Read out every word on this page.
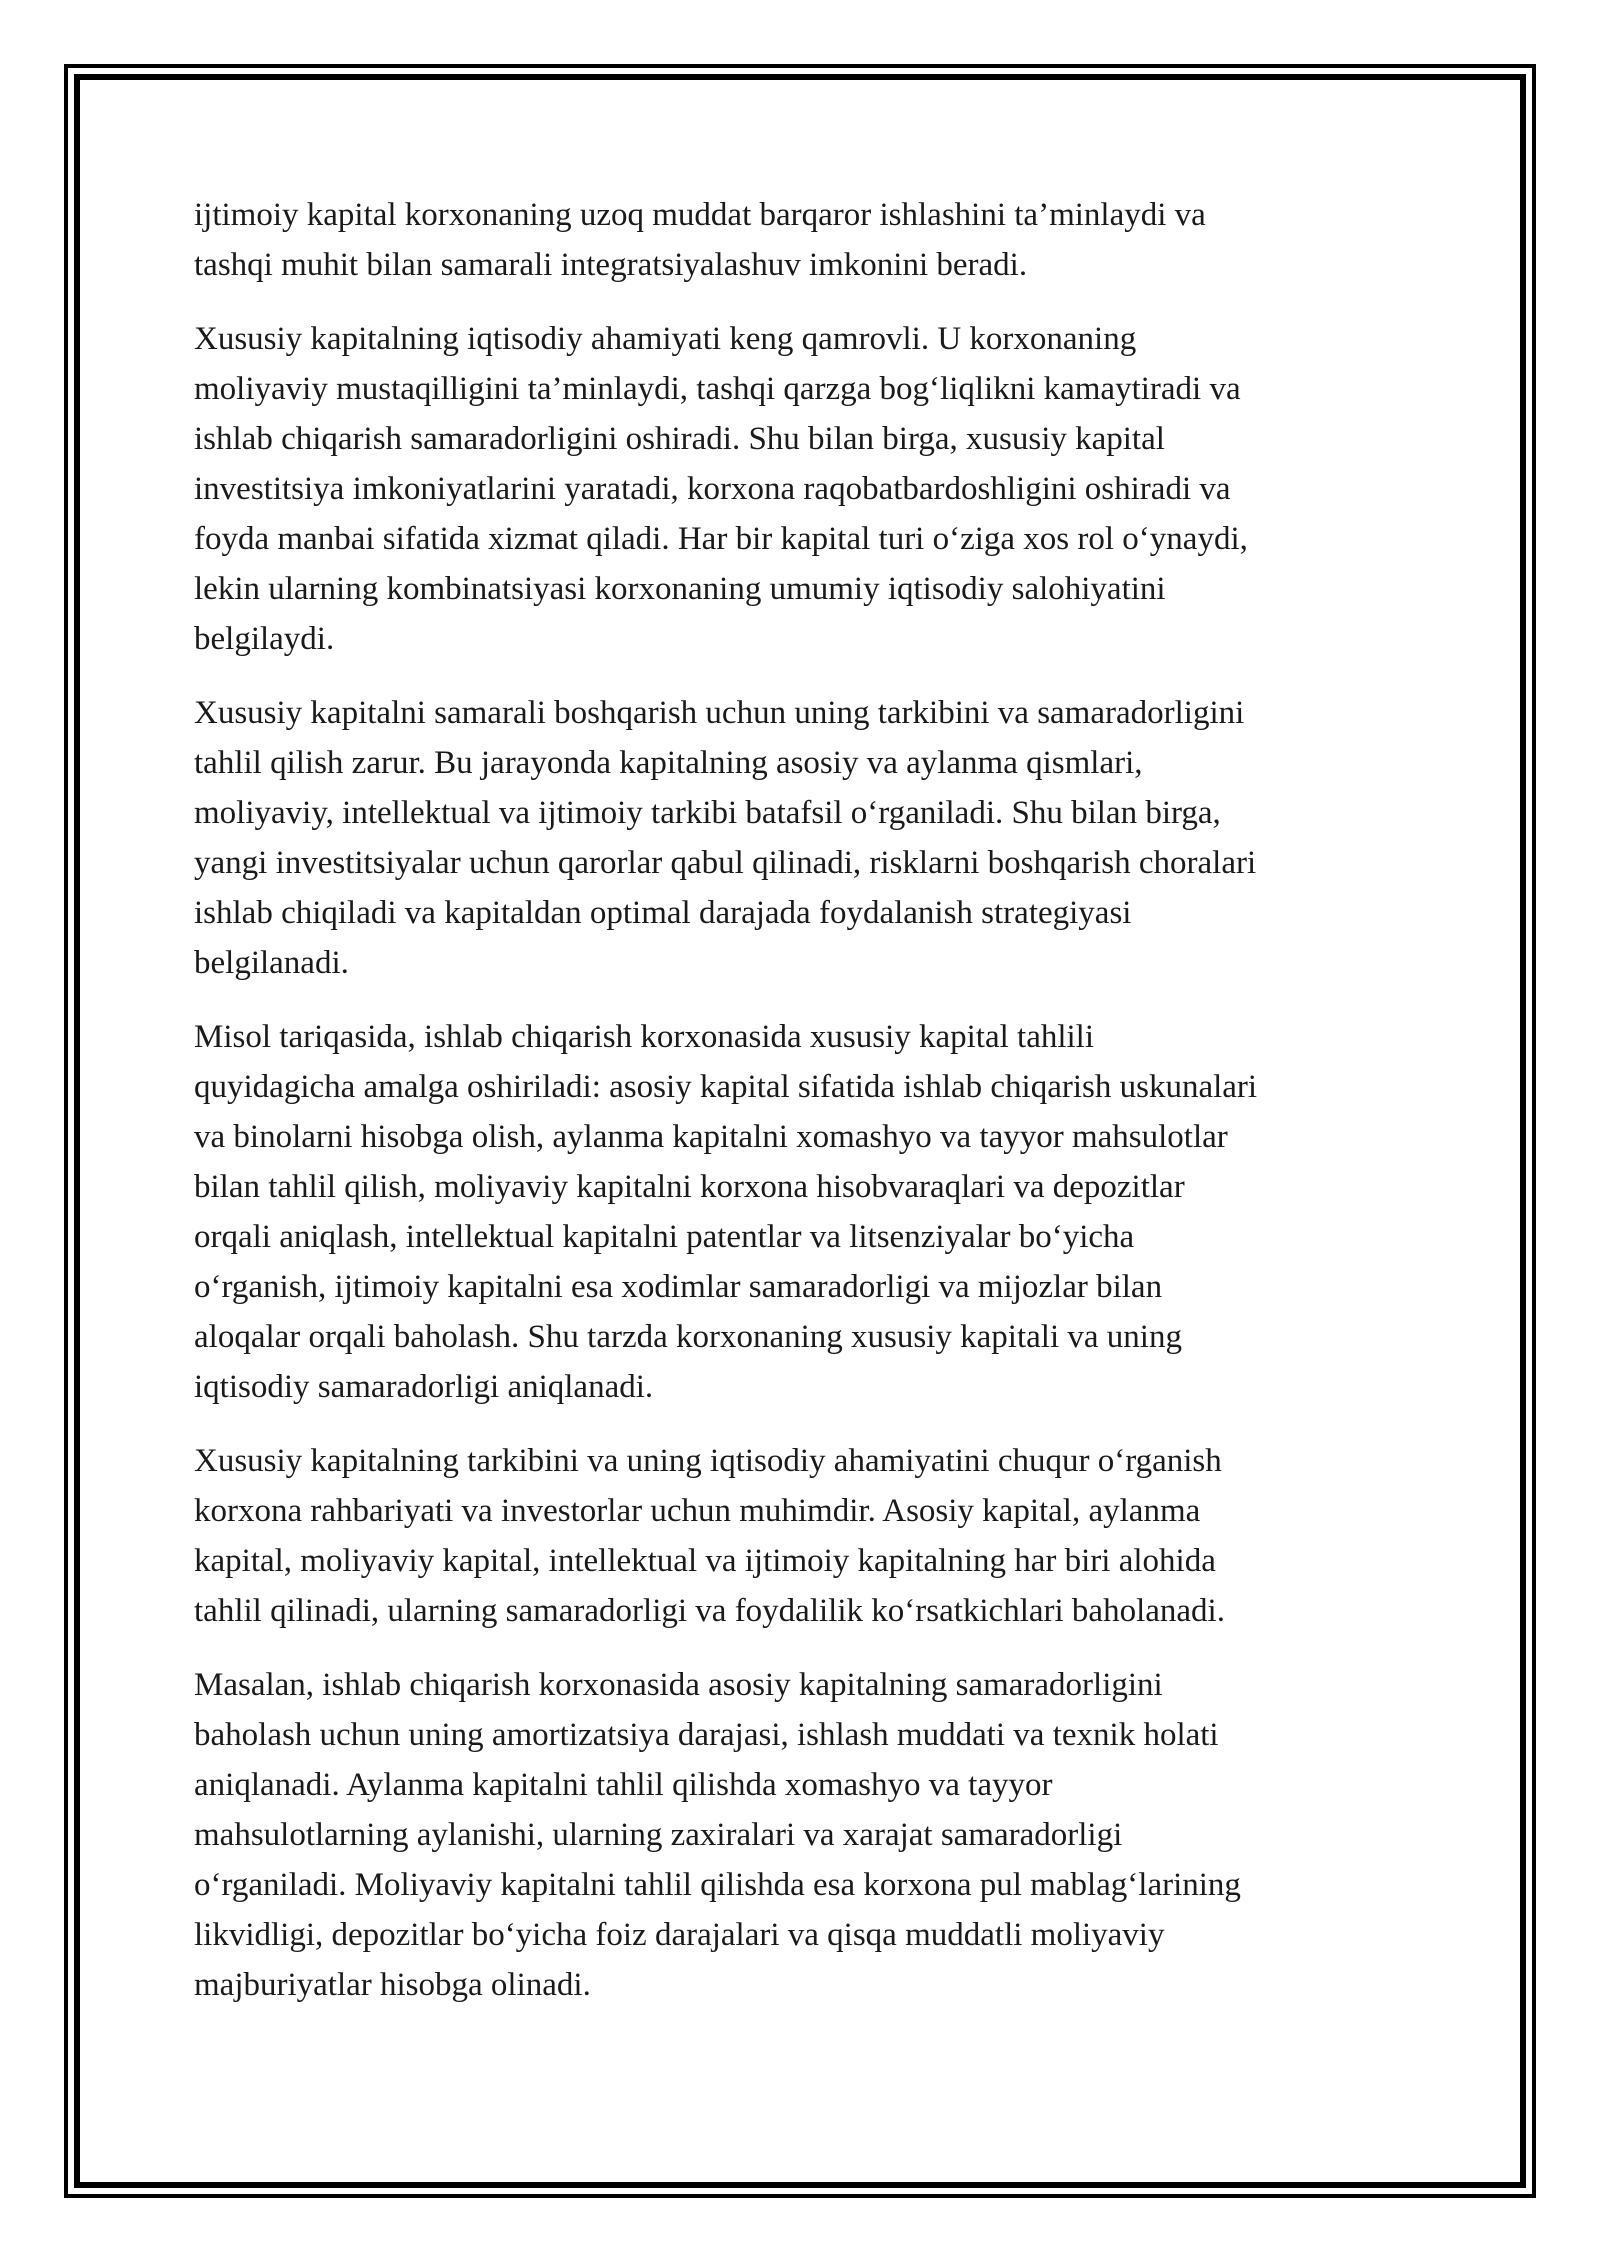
ijtimoiy kapital korxonaning uzoq muddat barqaror ishlashini ta’minlaydi va
tashqi muhit bilan samarali integratsiyalashuv imkonini beradi.

Xususiy kapitalning iqtisodiy ahamiyati keng qamrovli. U korxonaning
moliyaviy mustaqilligini ta’minlaydi, tashqi qarzga bog‘liqlikni kamaytiradi va
ishlab chiqarish samaradorligini oshiradi. Shu bilan birga, xususiy kapital
investitsiya imkoniyatlarini yaratadi, korxona raqobatbardoshligini oshiradi va
foyda manbai sifatida xizmat qiladi. Har bir kapital turi o‘ziga xos rol o‘ynaydi,
lekin ularning kombinatsiyasi korxonaning umumiy iqtisodiy salohiyatini
belgilaydi.

Xususiy kapitalni samarali boshqarish uchun uning tarkibini va samaradorligini
tahlil qilish zarur. Bu jarayonda kapitalning asosiy va aylanma qismlari,
moliyaviy, intellektual va ijtimoiy tarkibi batafsil o‘rganiladi. Shu bilan birga,
yangi investitsiyalar uchun qarorlar qabul qilinadi, risklarni boshqarish choralari
ishlab chiqiladi va kapitaldan optimal darajada foydalanish strategiyasi
belgilanadi.

Misol tariqasida, ishlab chiqarish korxonasida xususiy kapital tahlili
quyidagicha amalga oshiriladi: asosiy kapital sifatida ishlab chiqarish uskunalari
va binolarni hisobga olish, aylanma kapitalni xomashyo va tayyor mahsulotlar
bilan tahlil qilish, moliyaviy kapitalni korxona hisobvaraqlari va depozitlar
orqali aniqlash, intellektual kapitalni patentlar va litsenziyalar bo‘yicha
o‘rganish, ijtimoiy kapitalni esa xodimlar samaradorligi va mijozlar bilan
aloqalar orqali baholash. Shu tarzda korxonaning xususiy kapitali va uning
iqtisodiy samaradorligi aniqlanadi.

Xususiy kapitalning tarkibini va uning iqtisodiy ahamiyatini chuqur o‘rganish
korxona rahbariyati va investorlar uchun muhimdir. Asosiy kapital, aylanma
kapital, moliyaviy kapital, intellektual va ijtimoiy kapitalning har biri alohida
tahlil qilinadi, ularning samaradorligi va foydalilik ko‘rsatkichlari baholanadi.

Masalan, ishlab chiqarish korxonasida asosiy kapitalning samaradorligini
baholash uchun uning amortizatsiya darajasi, ishlash muddati va texnik holati
aniqlanadi. Aylanma kapitalni tahlil qilishda xomashyo va tayyor
mahsulotlarning aylanishi, ularning zaxiralari va xarajat samaradorligi
o‘rganiladi. Moliyaviy kapitalni tahlil qilishda esa korxona pul mablag‘larining
likvidligi, depozitlar bo‘yicha foiz darajalari va qisqa muddatli moliyaviy
majburiyatlar hisobga olinadi.
